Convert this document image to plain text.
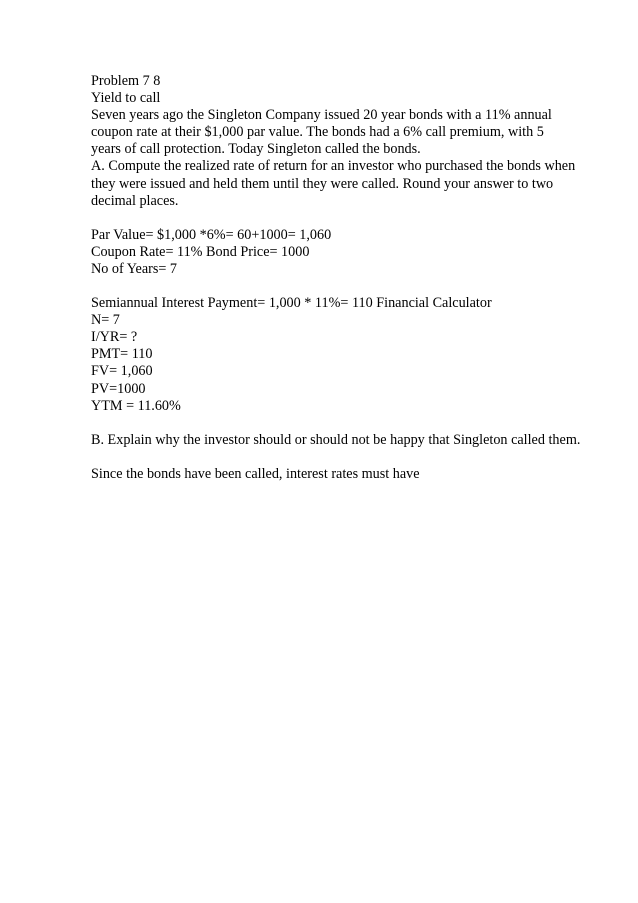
Problem 7 8
Yield to call
Seven years ago the Singleton Company issued 20 year bonds with a 11% annual
coupon rate at their $1,000 par value. The bonds had a 6% call premium, with 5
years of call protection. Today Singleton called the bonds.
A. Compute the realized rate of return for an investor who purchased the bonds when
they were issued and held them until they were called. Round your answer to two
decimal places.
Par Value= $1,000 *6%= 60+1000= 1,060
Coupon Rate= 11% Bond Price= 1000
No of Years= 7
Semiannual Interest Payment= 1,000 * 11%= 110 Financial Calculator
N= 7
I/YR= ?
PMT= 110
FV= 1,060
PV=1000
YTM = 11.60%
B. Explain why the investor should or should not be happy that Singleton called them.
Since the bonds have been called, interest rates must have
